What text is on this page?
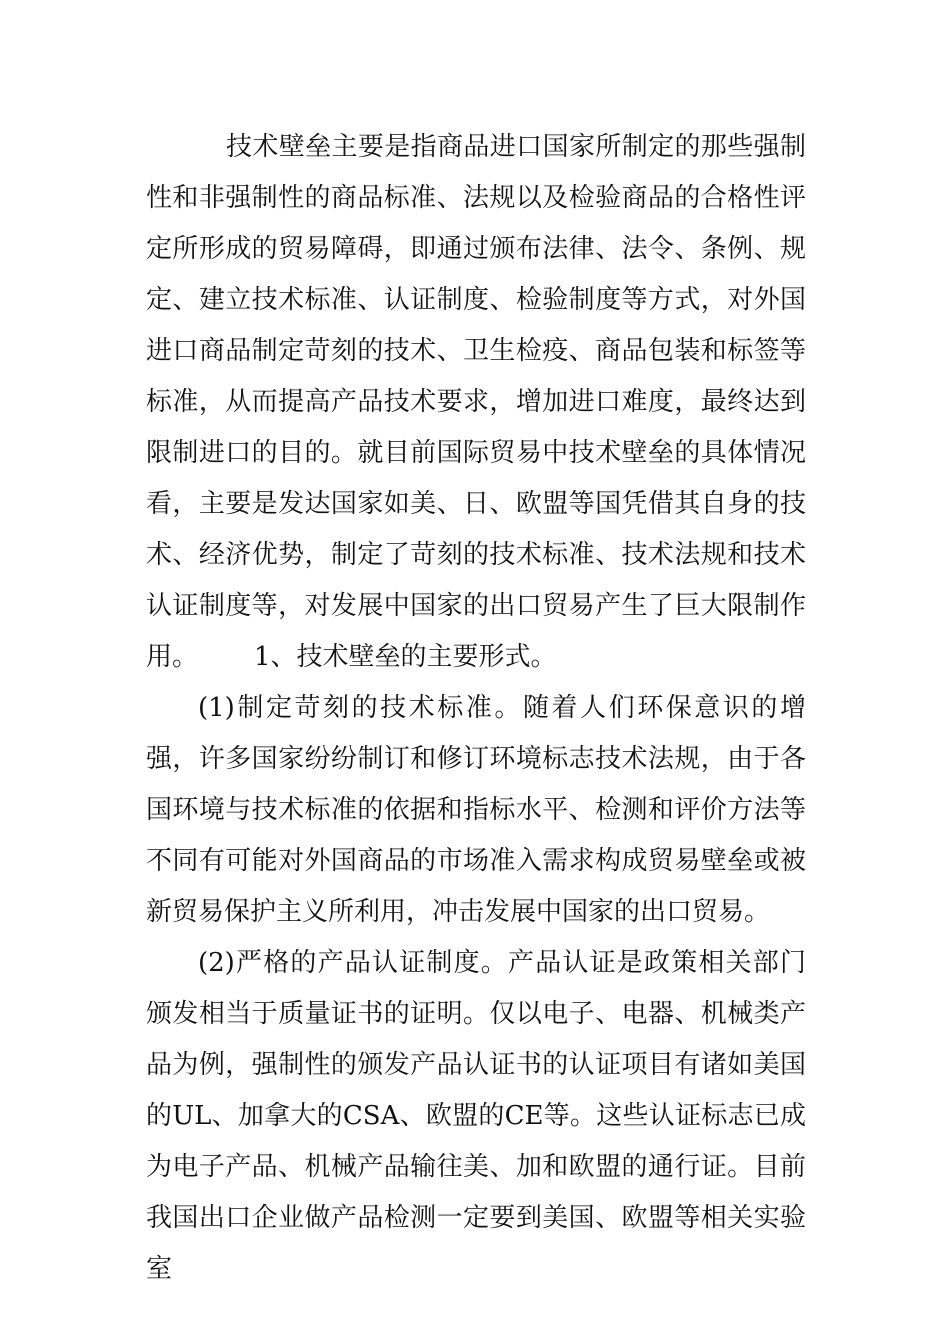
技术壁垒主要是指商品进口国家所制定的那些强制性和非强制性的商品标准、法规以及检验商品的合格性评定所形成的贸易障碍，即通过颁布法律、法令、条例、规定、建立技术标准、认证制度、检验制度等方式，对外国进口商品制定苛刻的技术、卫生检疫、商品包装和标签等标准，从而提高产品技术要求，增加进口难度，最终达到限制进口的目的。就目前国际贸易中技术壁垒的具体情况看，主要是发达国家如美、日、欧盟等国凭借其自身的技术、经济优势，制定了苛刻的技术标准、技术法规和技术认证制度等，对发展中国家的出口贸易产生了巨大限制作用。 1、技术壁垒的主要形式。

(1)制定苛刻的技术标准。随着人们环保意识的增强，许多国家纷纷制订和修订环境标志技术法规，由于各国环境与技术标准的依据和指标水平、检测和评价方法等不同有可能对外国商品的市场准入需求构成贸易壁垒或被新贸易保护主义所利用，冲击发展中国家的出口贸易。

(2)严格的产品认证制度。产品认证是政策相关部门颁发相当于质量证书的证明。仅以电子、电器、机械类产品为例，强制性的颁发产品认证书的认证项目有诸如美国的UL、加拿大的CSA、欧盟的CE等。这些认证标志已成为电子产品、机械产品输往美、加和欧盟的通行证。目前我国出口企业做产品检测一定要到美国、欧盟等相关实验室
